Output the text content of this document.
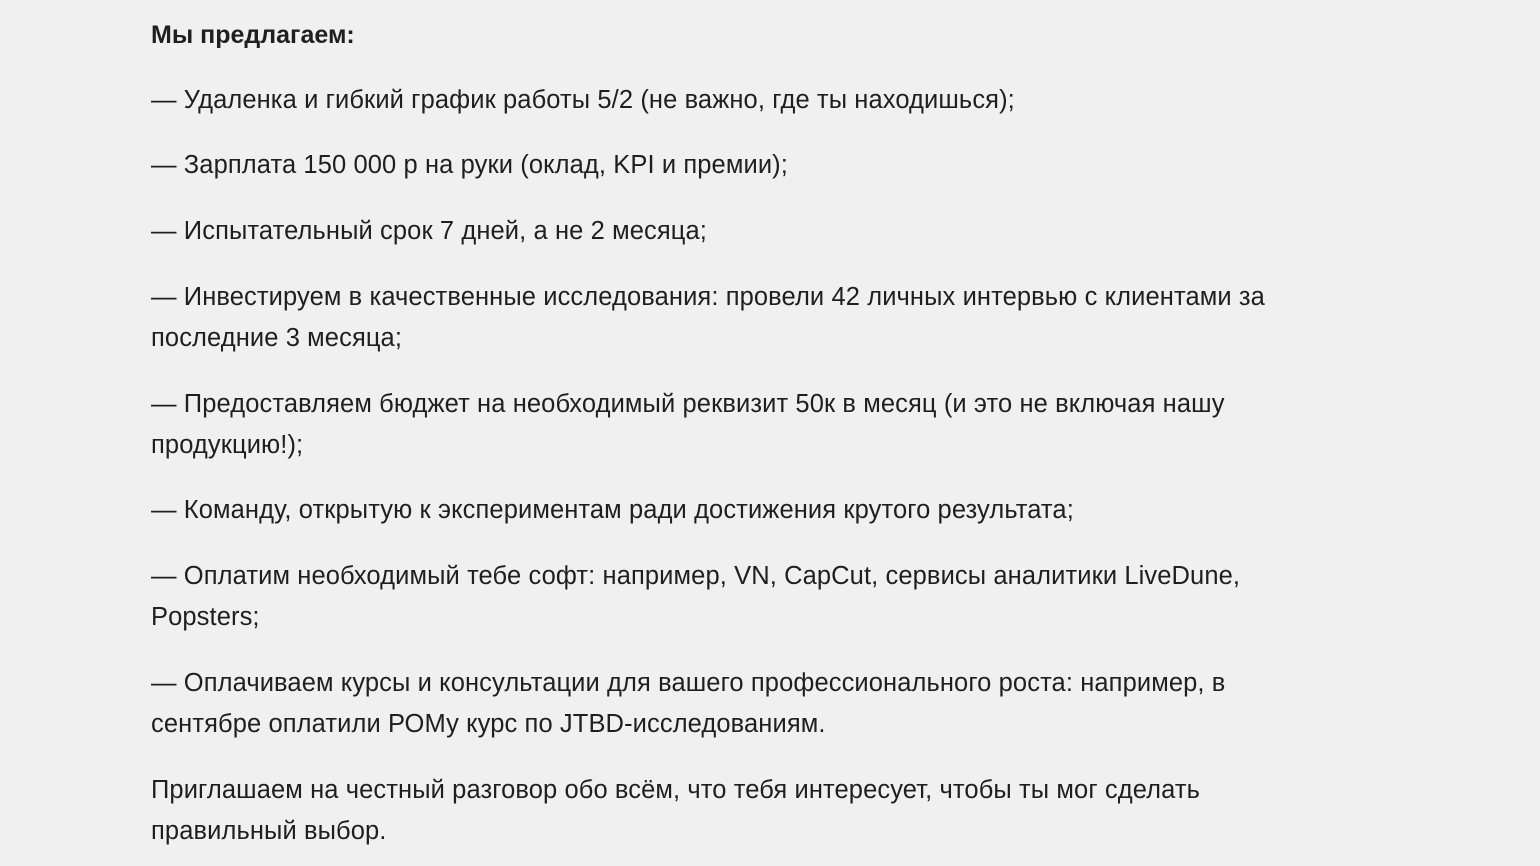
Мы предлагаем:

— Удаленка и гибкий график работы 5/2 (не важно, где ты находишься);

— Зарплата 150 000 р на руки (оклад, KPI и премии);

— Испытательный срок 7 дней, а не 2 месяца;

— Инвестируем в качественные исследования: провели 42 личных интервью с клиентами за последние 3 месяца;

— Предоставляем бюджет на необходимый реквизит 50к в месяц (и это не включая нашу продукцию!);

— Команду, открытую к экспериментам ради достижения крутого результата;

— Оплатим необходимый тебе софт: например, VN, CapCut, сервисы аналитики LiveDune, Popsters;

— Оплачиваем курсы и консультации для вашего профессионального роста: например, в сентябре оплатили РОМу курс по JTBD-исследованиям.

Приглашаем на честный разговор обо всём, что тебя интересует, чтобы ты мог сделать правильный выбор.
